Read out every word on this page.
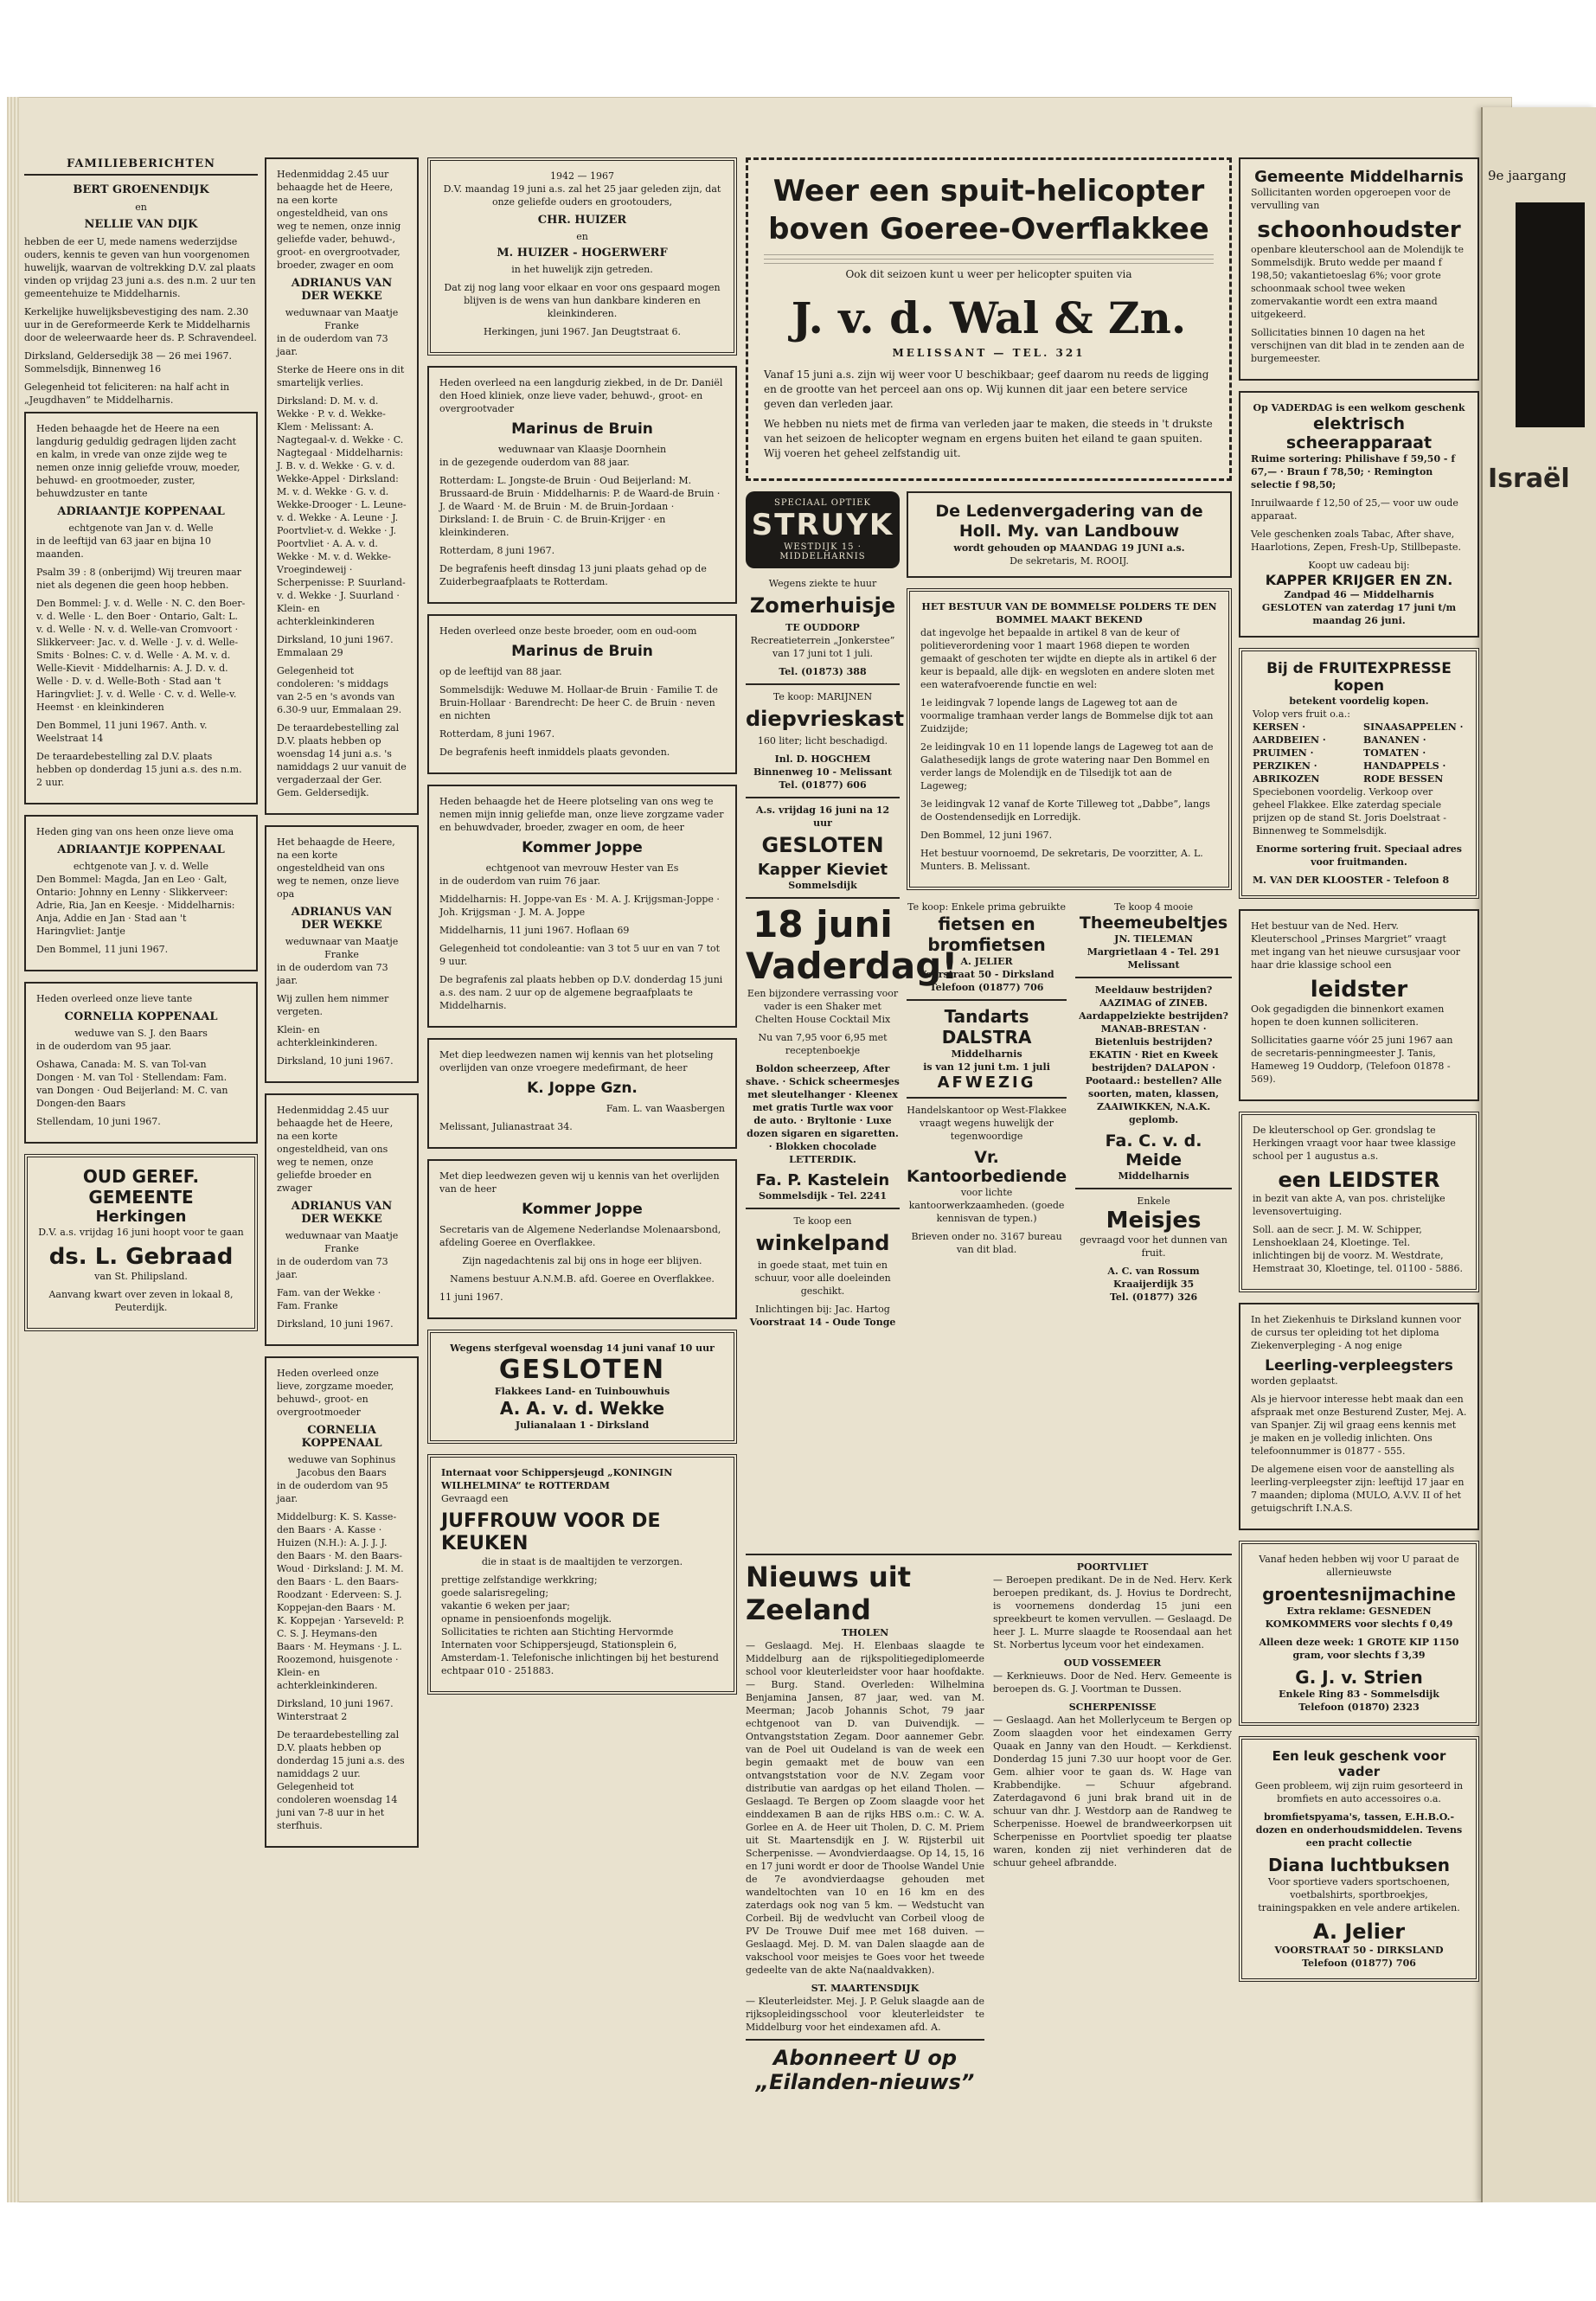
9e jaargang
Israël
FAMILIEBERICHTEN
BERT GROENENDIJK
en
NELLIE VAN DIJK

hebben de eer U, mede namens wederzijdse ouders, kennis te geven van hun voorgenomen huwelijk, waarvan de voltrekking D.V. zal plaats vinden op vrijdag 23 juni a.s. des n.m. 2 uur ten gemeentehuize te Middelharnis.

Kerkelijke huwelijksbevestiging des nam. 2.30 uur in de Gereformeerde Kerk te Middelharnis door de weleerwaarde heer ds. P. Schravendeel.

Dirksland, Geldersedijk 38 — 26 mei 1967. Sommelsdijk, Binnenweg 16

Gelegenheid tot feliciteren: na half acht in „Jeugdhaven” te Middelharnis.

Heden behaagde het de Heere na een langdurig geduldig gedragen lijden zacht en kalm, in vrede van onze zijde weg te nemen onze innig geliefde vrouw, moeder, behuwd- en grootmoeder, zuster, behuwdzuster en tante

ADRIAANTJE KOPPENAAL
echtgenote van Jan v. d. Welle

in de leeftijd van 63 jaar en bijna 10 maanden.

Psalm 39 : 8 (onberijmd) Wij treuren maar niet als degenen die geen hoop hebben.

Den Bommel: J. v. d. Welle · N. C. den Boer-v. d. Welle · L. den Boer · Ontario, Galt: L. v. d. Welle · N. v. d. Welle-van Cromvoort · Slikkerveer: Jac. v. d. Welle · J. v. d. Welle-Smits · Bolnes: C. v. d. Welle · A. M. v. d. Welle-Kievit · Middelharnis: A. J. D. v. d. Welle · D. v. d. Welle-Both · Stad aan 't Haringvliet: J. v. d. Welle · C. v. d. Welle-v. Heemst · en kleinkinderen

Den Bommel, 11 juni 1967. Anth. v. Weelstraat 14

De teraardebestelling zal D.V. plaats hebben op donderdag 15 juni a.s. des n.m. 2 uur.

Heden ging van ons heen onze lieve oma

ADRIAANTJE KOPPENAAL
echtgenote van J. v. d. Welle

Den Bommel: Magda, Jan en Leo · Galt, Ontario: Johnny en Lenny · Slikkerveer: Adrie, Ria, Jan en Keesje. · Middelharnis: Anja, Addie en Jan · Stad aan 't Haringvliet: Jantje

Den Bommel, 11 juni 1967.

Heden overleed onze lieve tante

CORNELIA KOPPENAAL
weduwe van S. J. den Baars

in de ouderdom van 95 jaar.

Oshawa, Canada: M. S. van Tol-van Dongen · M. van Tol · Stellendam: Fam. van Dongen · Oud Beijerland: M. C. van Dongen-den Baars

Stellendam, 10 juni 1967.

OUD GEREF. GEMEENTE
Herkingen

D.V. a.s. vrijdag 16 juni hoopt voor te gaan

ds. L. Gebraad

van St. Philipsland.

Aanvang kwart over zeven in lokaal 8, Peuterdijk.

Hedenmiddag 2.45 uur behaagde het de Heere, na een korte ongesteldheid, van ons weg te nemen, onze innig geliefde vader, behuwd-, groot- en overgrootvader, broeder, zwager en oom

ADRIANUS VAN DER WEKKE
weduwnaar van Maatje Franke

in de ouderdom van 73 jaar.

Sterke de Heere ons in dit smartelijk verlies.

Dirksland: D. M. v. d. Wekke · P. v. d. Wekke-Klem · Melissant: A. Nagtegaal-v. d. Wekke · C. Nagtegaal · Middelharnis: J. B. v. d. Wekke · G. v. d. Wekke-Appel · Dirksland: M. v. d. Wekke · G. v. d. Wekke-Drooger · L. Leune-v. d. Wekke · A. Leune · J. Poortvliet-v. d. Wekke · J. Poortvliet · A. A. v. d. Wekke · M. v. d. Wekke-Vroegindeweij · Scherpenisse: P. Suurland-v. d. Wekke · J. Suurland · Klein- en achterkleinkinderen

Dirksland, 10 juni 1967. Emmalaan 29

Gelegenheid tot condoleren: 's middags van 2-5 en 's avonds van 6.30-9 uur, Emmalaan 29.

De teraardebestelling zal D.V. plaats hebben op woensdag 14 juni a.s. 's namiddags 2 uur vanuit de vergaderzaal der Ger. Gem. Geldersedijk.

Het behaagde de Heere, na een korte ongesteldheid van ons weg te nemen, onze lieve opa

ADRIANUS VAN DER WEKKE
weduwnaar van Maatje Franke

in de ouderdom van 73 jaar.

Wij zullen hem nimmer vergeten.

Klein- en achterkleinkinderen.

Dirksland, 10 juni 1967.

Hedenmiddag 2.45 uur behaagde het de Heere, na een korte ongesteldheid, van ons weg te nemen, onze geliefde broeder en zwager

ADRIANUS VAN DER WEKKE
weduwnaar van Maatje Franke

in de ouderdom van 73 jaar.

Fam. van der Wekke · Fam. Franke

Dirksland, 10 juni 1967.

Heden overleed onze lieve, zorgzame moeder, behuwd-, groot- en overgrootmoeder

CORNELIA KOPPENAAL
weduwe van Sophinus Jacobus den Baars

in de ouderdom van 95 jaar.

Middelburg: K. S. Kasse-den Baars · A. Kasse · Huizen (N.H.): A. J. J. J. den Baars · M. den Baars-Woud · Dirksland: J. M. M. den Baars · L. den Baars-Roodzant · Ederveen: S. J. Koppejan-den Baars · M. K. Koppejan · Yarseveld: P. C. S. J. Heymans-den Baars · M. Heymans · J. L. Roozemond, huisgenote · Klein- en achterkleinkinderen.

Dirksland, 10 juni 1967. Winterstraat 2

De teraardebestelling zal D.V. plaats hebben op donderdag 15 juni a.s. des namiddags 2 uur. Gelegenheid tot condoleren woensdag 14 juni van 7-8 uur in het sterfhuis.

1942 — 1967

D.V. maandag 19 juni a.s. zal het 25 jaar geleden zijn, dat onze geliefde ouders en grootouders,

CHR. HUIZER
en
M. HUIZER - HOGERWERF

in het huwelijk zijn getreden.

Dat zij nog lang voor elkaar en voor ons gespaard mogen blijven is de wens van hun dankbare kinderen en kleinkinderen.

Herkingen, juni 1967. Jan Deugtstraat 6.

Heden overleed na een langdurig ziekbed, in de Dr. Daniël den Hoed kliniek, onze lieve vader, behuwd-, groot- en overgrootvader

Marinus de Bruin
weduwnaar van Klaasje Doornhein

in de gezegende ouderdom van 88 jaar.

Rotterdam: L. Jongste-de Bruin · Oud Beijerland: M. Brussaard-de Bruin · Middelharnis: P. de Waard-de Bruin · J. de Waard · M. de Bruin · M. de Bruin-Jordaan · Dirksland: I. de Bruin · C. de Bruin-Krijger · en kleinkinderen.

Rotterdam, 8 juni 1967.

De begrafenis heeft dinsdag 13 juni plaats gehad op de Zuiderbegraafplaats te Rotterdam.

Heden overleed onze beste broeder, oom en oud-oom

Marinus de Bruin

op de leeftijd van 88 jaar.

Sommelsdijk: Weduwe M. Hollaar-de Bruin · Familie T. de Bruin-Hollaar · Barendrecht: De heer C. de Bruin · neven en nichten

Rotterdam, 8 juni 1967.

De begrafenis heeft inmiddels plaats gevonden.

Heden behaagde het de Heere plotseling van ons weg te nemen mijn innig geliefde man, onze lieve zorgzame vader en behuwdvader, broeder, zwager en oom, de heer

Kommer Joppe
echtgenoot van mevrouw Hester van Es

in de ouderdom van ruim 76 jaar.

Middelharnis: H. Joppe-van Es · M. A. J. Krijgsman-Joppe · Joh. Krijgsman · J. M. A. Joppe

Middelharnis, 11 juni 1967. Hoflaan 69

Gelegenheid tot condoleantie: van 3 tot 5 uur en van 7 tot 9 uur.

De begrafenis zal plaats hebben op D.V. donderdag 15 juni a.s. des nam. 2 uur op de algemene begraafplaats te Middelharnis.

Met diep leedwezen namen wij kennis van het plotseling overlijden van onze vroegere medefirmant, de heer

K. Joppe Gzn.

Fam. L. van Waasbergen

Melissant, Julianastraat 34.

Met diep leedwezen geven wij u kennis van het overlijden van de heer

Kommer Joppe

Secretaris van de Algemene Nederlandse Molenaarsbond, afdeling Goeree en Overflakkee.

Zijn nagedachtenis zal bij ons in hoge eer blijven.

Namens bestuur A.N.M.B. afd. Goeree en Overflakkee.

11 juni 1967.

Wegens sterfgeval woensdag 14 juni vanaf 10 uur
GESLOTEN
Flakkees Land- en Tuinbouwhuis
A. A. v. d. Wekke
Julianalaan 1 - Dirksland
Internaat voor Schippersjeugd „KONINGIN WILHELMINA” te ROTTERDAM

Gevraagd een

JUFFROUW VOOR DE KEUKEN

die in staat is de maaltijden te verzorgen.

prettige zelfstandige werkkring;
goede salarisregeling;
vakantie 6 weken per jaar;
opname in pensioenfonds mogelijk.

Sollicitaties te richten aan Stichting Hervormde Internaten voor Schippersjeugd, Stationsplein 6, Amsterdam-1. Telefonische inlichtingen bij het besturend echtpaar 010 - 251883.

Weer een spuit-helicopter boven Goeree-Overflakkee

Ook dit seizoen kunt u weer per helicopter spuiten via

J. v. d. Wal & Zn.
MELISSANT — TEL. 321

Vanaf 15 juni a.s. zijn wij weer voor U beschikbaar; geef daarom nu reeds de ligging en de grootte van het perceel aan ons op. Wij kunnen dit jaar een betere service geven dan verleden jaar.

We hebben nu niets met de firma van verleden jaar te maken, die steeds in 't drukste van het seizoen de helicopter wegnam en ergens buiten het eiland te gaan spuiten. Wij voeren het geheel zelfstandig uit.

SPECIAAL OPTIEK
STRUYK
WESTDIJK 15 · MIDDELHARNIS
Wegens ziekte te huur
Zomerhuisje
TE OUDDORP

Recreatieterrein „Jonkerstee” van 17 juni tot 1 juli.

Tel. (01873) 388
Te koop: MARIJNEN
diepvrieskast

160 liter; licht beschadigd.

Inl. D. HOGCHEM
Binnenweg 10 - Melissant
Tel. (01877) 606
A.s. vrijdag 16 juni na 12 uur
GESLOTEN
Kapper Kieviet
Sommelsdijk
18 juni Vaderdag!

Een bijzondere verrassing voor vader is een Shaker met Chelten House Cocktail Mix

Nu van 7,95 voor 6,95 met receptenboekje

Boldon scheerzeep, After shave. · Schick scheermesjes met sleutelhanger · Kleenex met gratis Turtle wax voor de auto. · Bryltonie · Luxe dozen sigaren en sigaretten. · Blokken chocolade LETTERDIK.

Fa. P. Kastelein
Sommelsdijk - Tel. 2241
Te koop een
winkelpand

in goede staat, met tuin en schuur, voor alle doeleinden geschikt.

Inlichtingen bij: Jac. Hartog
Voorstraat 14 - Oude Tonge
De Ledenvergadering van de Holl. My. van Landbouw
wordt gehouden op MAANDAG 19 JUNI a.s.
De sekretaris, M. ROOIJ.
HET BESTUUR VAN DE BOMMELSE POLDERS TE DEN BOMMEL MAAKT BEKEND

dat ingevolge het bepaalde in artikel 8 van de keur of politieverordening voor 1 maart 1968 diepen te worden gemaakt of geschoten ter wijdte en diepte als in artikel 6 der keur is bepaald, alle dijk- en wegsloten en andere sloten met een waterafvoerende functie en wel:

1e leidingvak 7 lopende langs de Lageweg tot aan de voormalige tramhaan verder langs de Bommelse dijk tot aan Zuidzijde;

2e leidingvak 10 en 11 lopende langs de Lageweg tot aan de Galathesedijk langs de grote watering naar Den Bommel en verder langs de Molendijk en de Tilsedijk tot aan de Lageweg;

3e leidingvak 12 vanaf de Korte Tilleweg tot „Dabbe”, langs de Oostendensedijk en Lorredijk.

Den Bommel, 12 juni 1967.

Het bestuur voornoemd, De sekretaris, De voorzitter, A. L. Munters. B. Melissant.

Te koop: Enkele prima gebruikte
fietsen en bromfietsen
A. JELIER
Voorstraat 50 - Dirksland
Telefoon (01877) 706
Tandarts DALSTRA
Middelharnis
is van 12 juni t.m. 1 juli
AFWEZIG

Handelskantoor op West-Flakkee vraagt wegens huwelijk der tegenwoordige

Vr. Kantoorbediende

voor lichte kantoorwerkzaamheden. (goede kennisvan de typen.)

Brieven onder no. 3167 bureau van dit blad.

Te koop 4 mooie
Theemeubeltjes
JN. TIELEMAN
Margrietlaan 4 - Tel. 291 Melissant

Meeldauw bestrijden? AAZIMAG of ZINEB. Aardappelziekte bestrijden? MANAB-BRESTAN · Bietenluis bestrijden? EKATIN · Riet en Kweek bestrijden? DALAPON · Pootaard.: bestellen? Alle soorten, maten, klassen, ZAAIWIKKEN, N.A.K. geplomb.

Fa. C. v. d. Meide
Middelharnis
Enkele
Meisjes

gevraagd voor het dunnen van fruit.

A. C. van Rossum
Kraaijerdijk 35
Tel. (01877) 326
Nieuws uit Zeeland
THOLEN

— Geslaagd. Mej. H. Elenbaas slaagde te Middelburg aan de rijkspolitiegediplomeerde school voor kleuterleidster voor haar hoofdakte. — Burg. Stand. Overleden: Wilhelmina Benjamina Jansen, 87 jaar, wed. van M. Meerman; Jacob Johannis Schot, 79 jaar echtgenoot van D. van Duivendijk. — Ontvangststation Zegam. Door aannemer Gebr. van de Poel uit Oudeland is van de week een begin gemaakt met de bouw van een ontvangststation voor de N.V. Zegam voor distributie van aardgas op het eiland Tholen. — Geslaagd. Te Bergen op Zoom slaagde voor het einddexamen B aan de rijks HBS o.m.: C. W. A. Gorlee en A. de Heer uit Tholen, D. C. M. Priem uit St. Maartensdijk en J. W. Rijsterbil uit Scherpenisse. — Avondvierdaagse. Op 14, 15, 16 en 17 juni wordt er door de Thoolse Wandel Unie de 7e avondvierdaagse gehouden met wandeltochten van 10 en 16 km en des zaterdags ook nog van 5 km. — Wedstucht van Corbeil. Bij de wedvlucht van Corbeil vloog de PV De Trouwe Duif mee met 168 duiven. — Geslaagd. Mej. D. M. van Dalen slaagde aan de vakschool voor meisjes te Goes voor het tweede gedeelte van de akte Na(naaldvakken).

ST. MAARTENSDIJK

— Kleuterleidster. Mej. J. P. Geluk slaagde aan de rijksopleidingsschool voor kleuterleidster te Middelburg voor het eindexamen afd. A.

Abonneert U op „Eilanden-nieuws”
POORTVLIET

— Beroepen predikant. De in de Ned. Herv. Kerk beroepen predikant, ds. J. Hovius te Dordrecht, is voornemens donderdag 15 juni een spreekbeurt te komen vervullen. — Geslaagd. De heer J. L. Murre slaagde te Roosendaal aan het St. Norbertus lyceum voor het eindexamen.

OUD VOSSEMEER

— Kerknieuws. Door de Ned. Herv. Gemeente is beroepen ds. G. J. Voortman te Dussen.

SCHERPENISSE

— Geslaagd. Aan het Mollerlyceum te Bergen op Zoom slaagden voor het eindexamen Gerry Quaak en Janny van den Houdt. — Kerkdienst. Donderdag 15 juni 7.30 uur hoopt voor de Ger. Gem. alhier voor te gaan ds. W. Hage van Krabbendijke. — Schuur afgebrand. Zaterdagavond 6 juni brak brand uit in de schuur van dhr. J. Westdorp aan de Randweg te Scherpenisse. Hoewel de brandweerkorpsen uit Scherpenisse en Poortvliet spoedig ter plaatse waren, konden zij niet verhinderen dat de schuur geheel afbrandde.

Gemeente Middelharnis

Sollicitanten worden opgeroepen voor de vervulling van

schoonhoudster

openbare kleuterschool aan de Molendijk te Sommelsdijk. Bruto wedde per maand f 198,50; vakantietoeslag 6%; voor grote schoonmaak school twee weken zomervakantie wordt een extra maand uitgekeerd.

Sollicitaties binnen 10 dagen na het verschijnen van dit blad in te zenden aan de burgemeester.

Op VADERDAG is een welkom geschenk
elektrisch scheerapparaat

Ruime sortering: Philishave f 59,50 - f 67,— · Braun f 78,50; · Remington selectie f 98,50;

Inruilwaarde f 12,50 of 25,— voor uw oude apparaat.

Vele geschenken zoals Tabac, After shave, Haarlotions, Zepen, Fresh-Up, Stillbepaste.

Koopt uw cadeau bij:
KAPPER KRIJGER EN ZN.
Zandpad 46 — Middelharnis
GESLOTEN van zaterdag 17 juni t/m maandag 26 juni.
Bij de FRUITEXPRESSE kopen
betekent voordelig kopen.
Volop vers fruit o.a.:
KERSEN · AARDBEIEN · PRUIMEN · PERZIKEN · ABRIKOZEN
SINAASAPPELEN · BANANEN · TOMATEN · HANDAPPELS · RODE BESSEN

Speciebonen voordelig. Verkoop over geheel Flakkee. Elke zaterdag speciale prijzen op de stand St. Joris Doelstraat - Binnenweg te Sommelsdijk.

Enorme sortering fruit. Speciaal adres voor fruitmanden.

M. VAN DER KLOOSTER - Telefoon 8

Het bestuur van de Ned. Herv. Kleuterschool „Prinses Margriet” vraagt met ingang van het nieuwe cursusjaar voor haar drie klassige school een

leidster

Ook gegadigden die binnenkort examen hopen te doen kunnen solliciteren.

Sollicitaties gaarne vóór 25 juni 1967 aan de secretaris-penningmeester J. Tanis, Hameweg 19 Ouddorp, (Telefoon 01878 - 569).

De kleuterschool op Ger. grondslag te Herkingen vraagt voor haar twee klassige school per 1 augustus a.s.

een LEIDSTER

in bezit van akte A, van pos. christelijke levensovertuiging.

Soll. aan de secr. J. M. W. Schipper, Lenshoeklaan 24, Kloetinge. Tel. inlichtingen bij de voorz. M. Westdrate, Hemstraat 30, Kloetinge, tel. 01100 - 5886.

In het Ziekenhuis te Dirksland kunnen voor de cursus ter opleiding tot het diploma Ziekenverpleging - A nog enige

Leerling-verpleegsters

worden geplaatst.

Als je hiervoor interesse hebt maak dan een afspraak met onze Besturend Zuster, Mej. A. van Spanjer. Zij wil graag eens kennis met je maken en je volledig inlichten. Ons telefoonnummer is 01877 - 555.

De algemene eisen voor de aanstelling als leerling-verpleegster zijn: leeftijd 17 jaar en 7 maanden; diploma (MULO, A.V.V. II of het getuigschrift I.N.A.S.

Vanaf heden hebben wij voor U paraat de allernieuwste

groentesnijmachine

Extra reklame: GESNEDEN KOMKOMMERS voor slechts f 0,49

Alleen deze week: 1 GROTE KIP 1150 gram, voor slechts f 3,39

G. J. v. Strien
Enkele Ring 83 - Sommelsdijk
Telefoon (01870) 2323
Een leuk geschenk voor vader

Geen probleem, wij zijn ruim gesorteerd in bromfiets en auto accessoires o.a.

bromfietspyama's, tassen, E.H.B.O.-dozen en onderhoudsmiddelen. Tevens een pracht collectie

Diana luchtbuksen

Voor sportieve vaders sportschoenen, voetbalshirts, sportbroekjes, trainingspakken en vele andere artikelen.

A. Jelier
VOORSTRAAT 50 - DIRKSLAND
Telefoon (01877) 706
